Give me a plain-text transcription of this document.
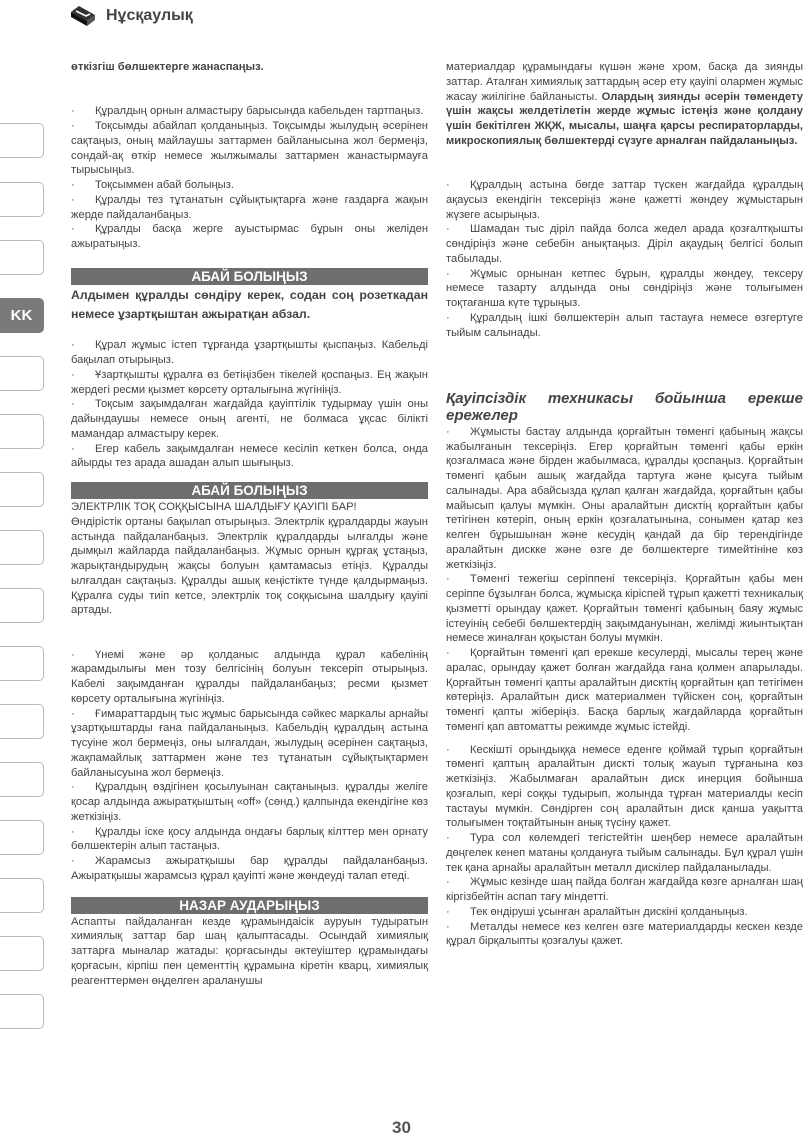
Нұсқаулық
KK

өткізгіш бөлшектерге жанаспаңыз.

· Құралдың орнын алмастыру барысында кабельден тартпаңыз.

· Тоқсымды абайлап қолданыңыз. Тоқсымды жылудың әсерінен сақтаңыз, оның майлаушы заттармен байланысына жол бермеңіз, сондай-ақ өткір немесе жылжымалы заттармен жанастырмауға тырысыңыз.

· Тоқсыммен абай болыңыз.

· Құралды тез тұтанатын сұйықтықтарға және газдарға жақын жерде пайдаланбаңыз.

· Құралды басқа жерге ауыстырмас бұрын оны желіден ажыратыңыз.

АБАЙ БОЛЫҢЫЗ

Алдымен құралды сөндіру керек, содан соң розеткадан немесе ұзартқыштан ажыратқан абзал.

· Құрал жұмыс істеп тұрғанда ұзартқышты қыспаңыз. Кабельді бақылап отырыңыз.

· Ұзартқышты құралға өз бетіңізбен тікелей қоспаңыз. Ең жақын жердегі ресми қызмет көрсету орталығына жүгініңіз.

· Тоқсым зақымдалған жағдайда қауіптілік тудырмау үшін оны дайындаушы немесе оның агенті, не болмаса ұқсас білікті мамандар алмастыру керек.

· Егер кабель зақымдалған немесе кесіліп кеткен болса, онда айырды тез арада ашадан алып шығыңыз.

АБАЙ БОЛЫҢЫЗ

ЭЛЕКТРЛІК ТОҚ СОҚҚЫСЫНА ШАЛДЫҒУ ҚАУІПІ БАР!

Өндірістік ортаны бақылап отырыңыз. Электрлік құралдарды жауын астында пайдаланбаңыз. Электрлік құралдарды ылғалды және дымқыл жайларда пайдаланбаңыз. Жұмыс орнын құрғақ ұстаңыз, жарықтандырудың жақсы болуын қамтамасыз етіңіз. Құралды ылғалдан сақтаңыз. Құралды ашық кеңістікте түнде қалдырмаңыз. Құралға суды тиіп кетсе, электрлік тоқ соққысына шалдығу қауіпі артады.

· Үнемі және әр қолданыс алдында құрал кабелінің жарамдылығы мен тозу белгісінің болуын тексеріп отырыңыз. Кабелі зақымданған құралды пайдаланбаңыз; ресми қызмет көрсету орталығына жүгініңіз.

· Ғимараттардың тыс жұмыс барысында сәйкес маркалы арнайы ұзартқыштарды ғана пайдаланыңыз. Кабельдің құралдың астына түсуіне жол бермеңіз, оны ылғалдан, жылудың әсерінен сақтаңыз, жақпамайлық заттармен және тез тұтанатын сұйықтықтармен байланысуына жол бермеңіз.

· Құралдың өздігінен қосылуынан сақтаныңыз. құралды желіге қосар алдында ажыратқыштың «off» (сөнд.) қалпында екендігіне көз жеткізіңіз.

· Құралды іске қосу алдында ондағы барлық кілттер мен орнату бөлшектерін алып тастаңыз.

· Жарамсыз ажыратқышы бар құралды пайдаланбаңыз. Ажыратқышы жарамсыз құрал қауіпті және жөндеуді талап етеді.

НАЗАР АУДАРЫҢЫЗ

Аспапты пайдаланған кезде құрамындаісік ауруын тудыратын химиялық заттар бар шаң қалыптасады. Осындай химиялық заттарға мыналар жатады: қорғасынды әктеуіштер құрамындағы қорғасын, кірпіш пен цементтің құрамына кіретін кварц, химиялық реагенттермен өңделген араланушы

материалдар құрамындағы күшән және хром, басқа да зиянды заттар. Аталған химиялық заттардың әсер ету қауіпі олармен жұмыс жасау жиілігіне байланысты. Олардың зиянды әсерін төмендету үшін жақсы желдетілетін жерде жұмыс істеңіз және қолдану үшін бекітілген ЖҚЖ, мысалы, шаңға қарсы респираторларды, микроскопиялық бөлшектерді сүзуге арналған пайдаланыңыз.

· Құралдың астына бөгде заттар түскен жағдайда құралдың ақаусыз екендігін тексеріңіз және қажетті жөндеу жұмыстарын жүзеге асырыңыз.

· Шамадан тыс діріл пайда болса жедел арада қозғалтқышты сөндіріңіз және себебін анықтаңыз. Діріл ақаудың белгісі болып табылады.

· Жұмыс орнынан кетпес бұрын, құралды жөндеу, тексеру немесе тазарту алдында оны сөндіріңіз және толығымен тоқтағанша күте тұрыңыз.

· Құралдың ішкі бөлшектерін алып тастауға немесе өзгертуге тыйым салынады.

Қауіпсіздік техникасы бойынша ерекше

ережелер

· Жұмысты бастау алдында қорғайтын төменгі қабының жақсы жабылғанын тексеріңіз. Егер қорғайтын төменгі қабы еркін қозғалмаса және бірден жабылмаса, құралды қоспаңыз. Қорғайтын төменгі қабын ашық жағдайда тартуға және қысуға тыйым салынады. Ара абайсызда құлап қалған жағдайда, қорғайтын қабы майысып қалуы мүмкін. Оны аралайтын дисктің қорғайтын қабы тетігінен көтеріп, оның еркін қозғалатынына, сонымен қатар кез келген бұрышынан және кесудің қандай да бір терендігінде аралайтын дискке және өзге де бөлшектерге тимейтініне көз жеткізіңіз.

· Төменгі тежегіш серіппені тексеріңіз. Қорғайтын қабы мен серіппе бұзылған болса, жұмысқа кіріспей тұрып қажетті техникалық қызметті орындау қажет. Қорғайтын төменгі қабының баяу жұмыс істеуінің себебі бөлшектердің зақымдануынан, желімді жиынтықтан немесе жиналған қоқыстан болуы мүмкін.

· Қорғайтын төменгі қап ерекше кесулерді, мысалы терең және аралас, орындау қажет болған жағдайда ғана қолмен апарылады. Қорғайтын төменгі қапты аралайтын дисктің қорғайтын қап тетігімен көтеріңіз. Аралайтын диск материалмен түйіскен соң, қорғайтын төменгі қапты жіберіңіз. Басқа барлық жағдайларда қорғайтын төменгі қап автоматты режимде жұмыс істейді.

· Кескішті орындыққа немесе еденге қоймай тұрып қорғайтын төменгі қаптың аралайтын дискті толық жауып тұрғанына көз жеткізіңіз. Жабылмаған аралайтын диск инерция бойынша қозғалып, кері соққы тудырып, жолында тұрған материалды кесіп тастауы мүмкін. Сөндірген соң аралайтын диск қанша уақытта толығымен тоқтайтынын анық түсіну қажет.

· Тура сол көлемдегі тегістейтін шеңбер немесе аралайтын дөңгелек кенеп матаны қолдануға тыйым салынады. Бұл құрал үшін тек қана арнайы аралайтын металл дискілер пайдаланылады.

· Жұмыс кезінде шаң пайда болған жағдайда көзге арналған шаң кіргізбейтін аспап тағу міндетті.

· Тек өндіруші ұсынған аралайтын дискіні қолданыңыз.

· Металды немесе кез келген өзге материалдарды кескен кезде құрал бірқалыпты қозғалуы қажет.

30
